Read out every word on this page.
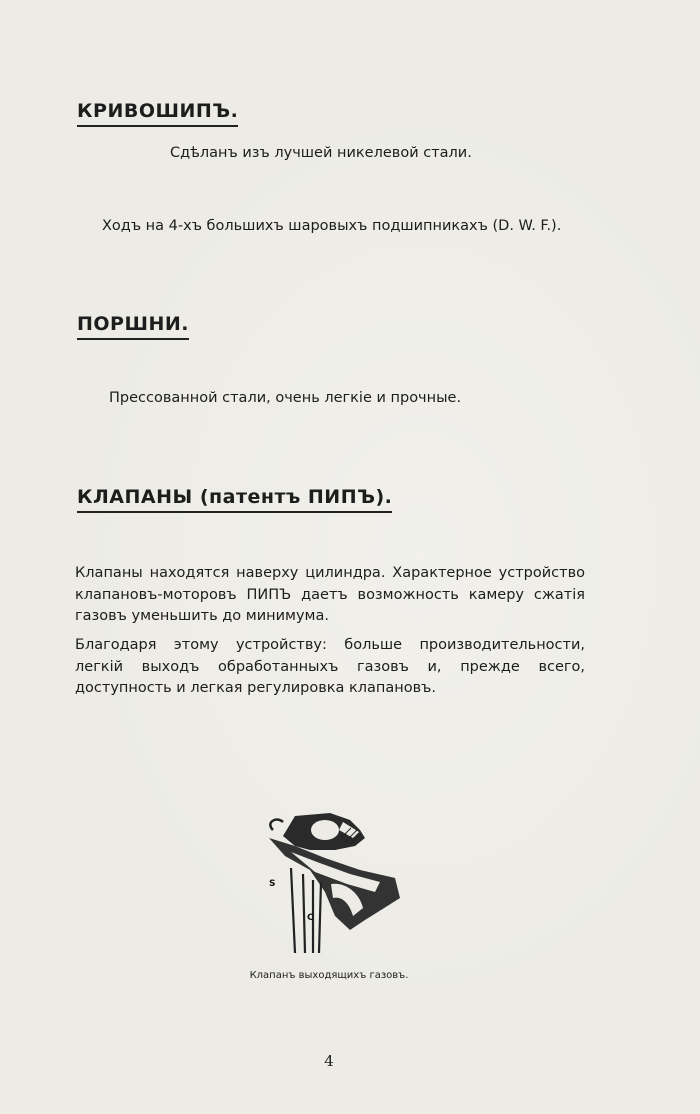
КРИВОШИПЪ.

Сдѣланъ изъ лучшей никелевой стали.

Ходъ на 4-хъ большихъ шаровыхъ подшипникахъ (D. W. F.).

ПОРШНИ.

Прессованной стали, очень легкіе и прочные.

КЛАПАНЫ (патентъ ПИПЪ).

Клапаны находятся наверху цилиндра. Характерное устройство клапановъ-моторовъ ПИПЪ даетъ возможность камеру сжатія газовъ уменьшить до минимума.

Благодаря этому устройству: больше производительности, легкій выходъ обработанныхъ газовъ и, прежде всего, доступность и легкая регулировка клапановъ.

S
C

Клапанъ выходящихъ газовъ.

4
